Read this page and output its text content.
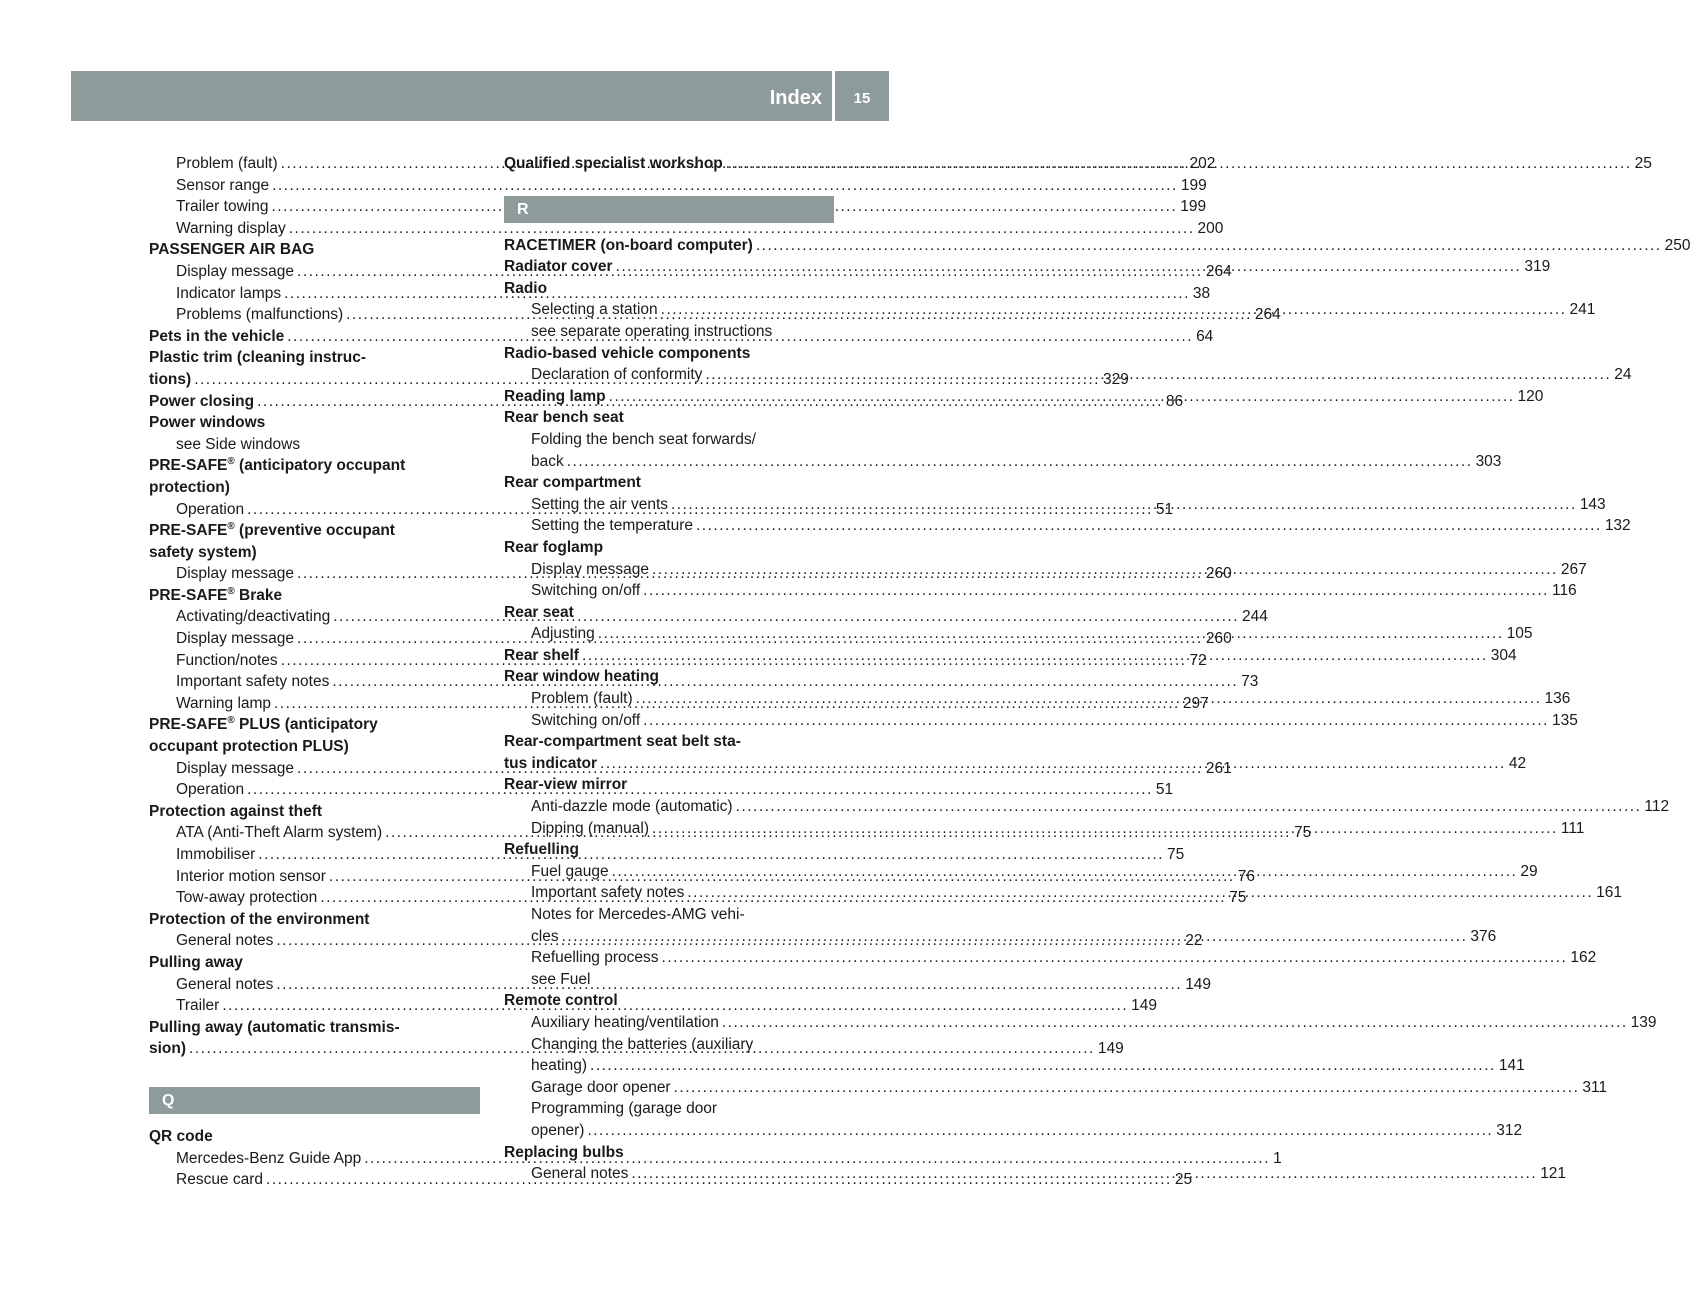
Index	15
Problem (fault) .....	202
Sensor range .....	199
Trailer towing .....	199
Warning display .....	200
PASSENGER AIR BAG
Display message .....	264
Indicator lamps .....	38
Problems (malfunctions) .....	264
Pets in the vehicle .....	64
Plastic trim (cleaning instruc-
tions) .....	329
Power closing .....	86
Power windows
see Side windows
PRE-SAFE® (anticipatory occupant
protection)
Operation .....	51
PRE-SAFE® (preventive occupant
safety system)
Display message .....	260
PRE-SAFE® Brake
Activating/deactivating .....	244
Display message .....	260
Function/notes .....	72
Important safety notes .....	73
Warning lamp .....	297
PRE-SAFE® PLUS (anticipatory
occupant protection PLUS)
Display message .....	261
Operation .....	51
Protection against theft
ATA (Anti-Theft Alarm system) .....	75
Immobiliser .....	75
Interior motion sensor .....	76
Tow-away protection .....	75
Protection of the environment
General notes .....	22
Pulling away
General notes .....	149
Trailer .....	149
Pulling away (automatic transmis-
sion) .....	149
Q
QR code
Mercedes-Benz Guide App .....	1
Rescue card .....	25
Qualified specialist workshop .....	25
R
RACETIMER (on-board computer) .....	250
Radiator cover .....	319
Radio
Selecting a station .....	241
see separate operating instructions
Radio-based vehicle components
Declaration of conformity .....	24
Reading lamp .....	120
Rear bench seat
Folding the bench seat forwards/
back .....	303
Rear compartment
Setting the air vents .....	143
Setting the temperature .....	132
Rear foglamp
Display message .....	267
Switching on/off .....	116
Rear seat
Adjusting .....	105
Rear shelf .....	304
Rear window heating
Problem (fault) .....	136
Switching on/off .....	135
Rear-compartment seat belt sta-
tus indicator .....	42
Rear-view mirror
Anti-dazzle mode (automatic) .....	112
Dipping (manual) .....	111
Refuelling
Fuel gauge .....	29
Important safety notes .....	161
Notes for Mercedes-AMG vehi-
cles .....	376
Refuelling process .....	162
see Fuel
Remote control
Auxiliary heating/ventilation .....	139
Changing the batteries (auxiliary
heating) .....	141
Garage door opener .....	311
Programming (garage door
opener) .....	312
Replacing bulbs
General notes .....	121
